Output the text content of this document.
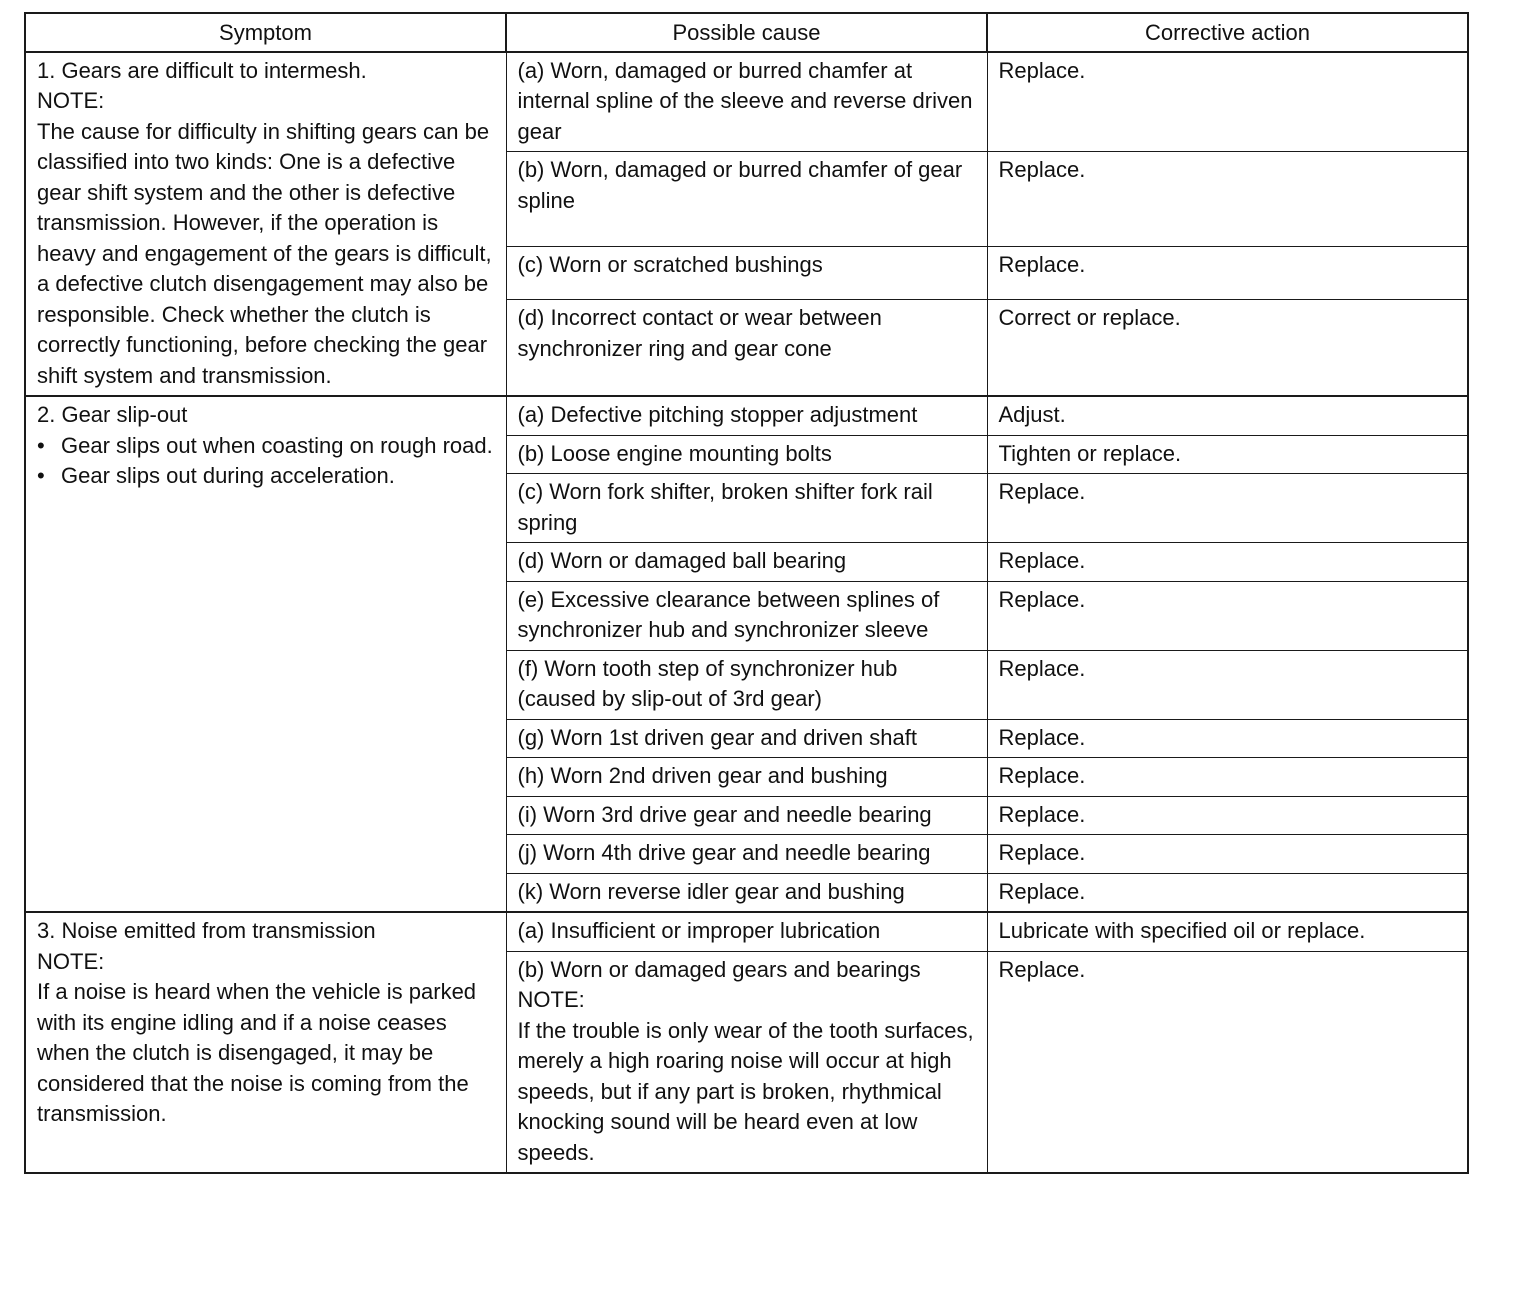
Symptom	Possible cause	Corrective action

1. Gears are difficult to intermesh.
NOTE:
The cause for difficulty in shifting gears can be classified into two kinds: One is a defective gear shift system and the other is defective transmission. However, if the operation is heavy and engagement of the gears is difficult, a defective clutch disengagement may also be responsible. Check whether the clutch is correctly functioning, before checking the gear shift system and transmission.	(a) Worn, damaged or burred chamfer at internal spline of the sleeve and reverse driven gear	Replace.
	(b) Worn, damaged or burred chamfer of gear spline	Replace.
	(c) Worn or scratched bushings	Replace.
	(d) Incorrect contact or wear between synchronizer ring and gear cone	Correct or replace.

2. Gear slip-out
• Gear slips out when coasting on rough road.
• Gear slips out during acceleration.	(a) Defective pitching stopper adjustment	Adjust.
	(b) Loose engine mounting bolts	Tighten or replace.
	(c) Worn fork shifter, broken shifter fork rail spring	Replace.
	(d) Worn or damaged ball bearing	Replace.
	(e) Excessive clearance between splines of synchronizer hub and synchronizer sleeve	Replace.
	(f) Worn tooth step of synchronizer hub (caused by slip-out of 3rd gear)	Replace.
	(g) Worn 1st driven gear and driven shaft	Replace.
	(h) Worn 2nd driven gear and bushing	Replace.
	(i) Worn 3rd drive gear and needle bearing	Replace.
	(j) Worn 4th drive gear and needle bearing	Replace.
	(k) Worn reverse idler gear and bushing	Replace.

3. Noise emitted from transmission
NOTE:
If a noise is heard when the vehicle is parked with its engine idling and if a noise ceases when the clutch is disengaged, it may be considered that the noise is coming from the transmission.	(a) Insufficient or improper lubrication	Lubricate with specified oil or replace.

	(b) Worn or damaged gears and bearings
NOTE:
If the trouble is only wear of the tooth surfaces, merely a high roaring noise will occur at high speeds, but if any part is broken, rhythmical knocking sound will be heard even at low speeds.	Replace.
